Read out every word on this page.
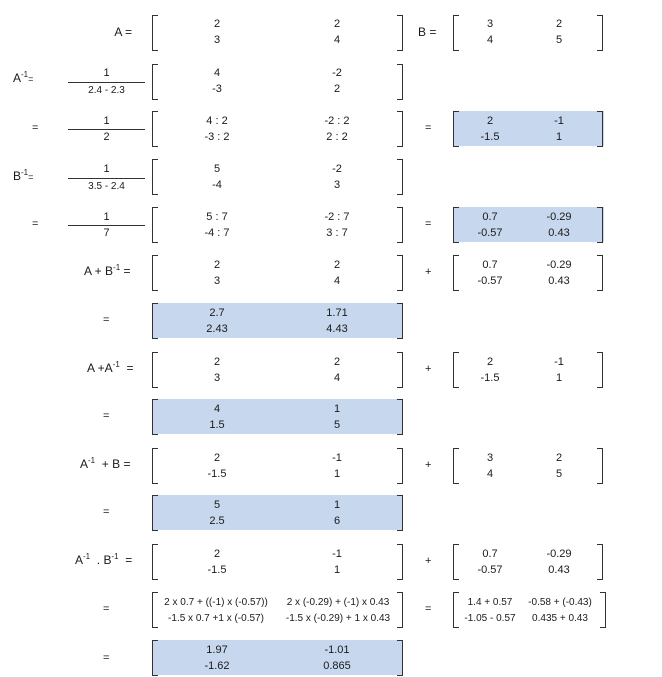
A =
2	2
3	4
B =
3	2
4	5
$A^{-1}=$	1
2.4 - 2.3
4	-2
-3	2
=
1
2
4 : 2	-2 : 2
-3 : 2	2 : 2
=
2	-1
-1.5	1
$B^{-1}=$
1
3.5 - 2.4
5	-2
-4	3
=
1
7
5 : 7	-2 : 7
-4 : 7	3 : 7
=
0.7	-0.29
-0.57	0.43
$A + B^{-1}$ =	2	2
3	4
+
0.7	-0.29
-0.57	0.43
=
2.7	1.71
2.43	4.43
$A +A^{-1}$  =	2	2
3	4
+
2	-1
-1.5	1
=
4	1
1.5	5
$A^{-1} + B$ =	2	-1
-1.5	1
+
3	2
4	5
=
5	1
2.5	6
$A^{-1}$  . $B^{-1}$  =	2	-1
-1.5	1
+
0.7	-0.29
-0.57	0.43
=
2 x 0.7 + ((-1) x (-0.57))	2 x (-0.29) + (-1) x 0.43
-1.5 x 0.7 +1 x (-0.57)	-1.5 x (-0.29) + 1 x 0.43
=
1.4 + 0.57	-0.58 + (-0.43)
-1.05 - 0.57	0.435 + 0.43
=
1.97	-1.01
-1.62	0.865
